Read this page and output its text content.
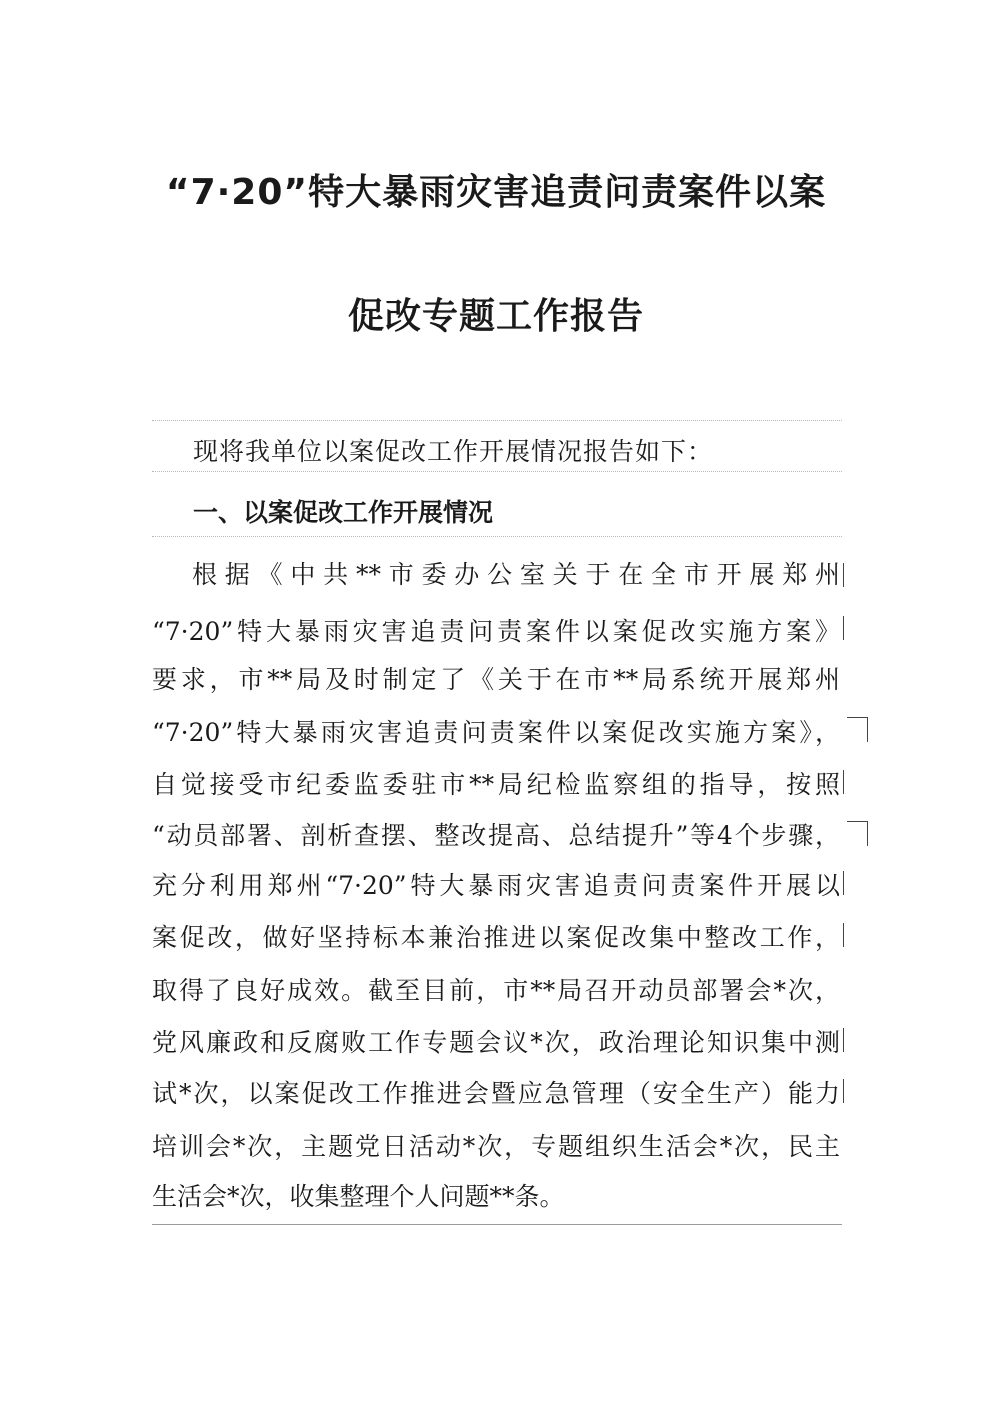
“7·20”特大暴雨灾害追责问责案件以案
促改专题工作报告
现将我单位以案促改工作开展情况报告如下：
一、以案促改工作开展情况
根据《中共**市委办公室关于在全市开展郑州
“7·20”特大暴雨灾害追责问责案件以案促改实施方案》
要求，市**局及时制定了《关于在市**局系统开展郑州
“7·20”特大暴雨灾害追责问责案件以案促改实施方案》，
自觉接受市纪委监委驻市**局纪检监察组的指导，按照
“动员部署、剖析查摆、整改提高、总结提升”等4个步骤，
充分利用郑州“7·20”特大暴雨灾害追责问责案件开展以
案促改，做好坚持标本兼治推进以案促改集中整改工作，
取得了良好成效。截至目前，市**局召开动员部署会*次，
党风廉政和反腐败工作专题会议*次，政治理论知识集中测
试*次，以案促改工作推进会暨应急管理（安全生产）能力
培训会*次，主题党日活动*次，专题组织生活会*次，民主
生活会*次，收集整理个人问题**条。
